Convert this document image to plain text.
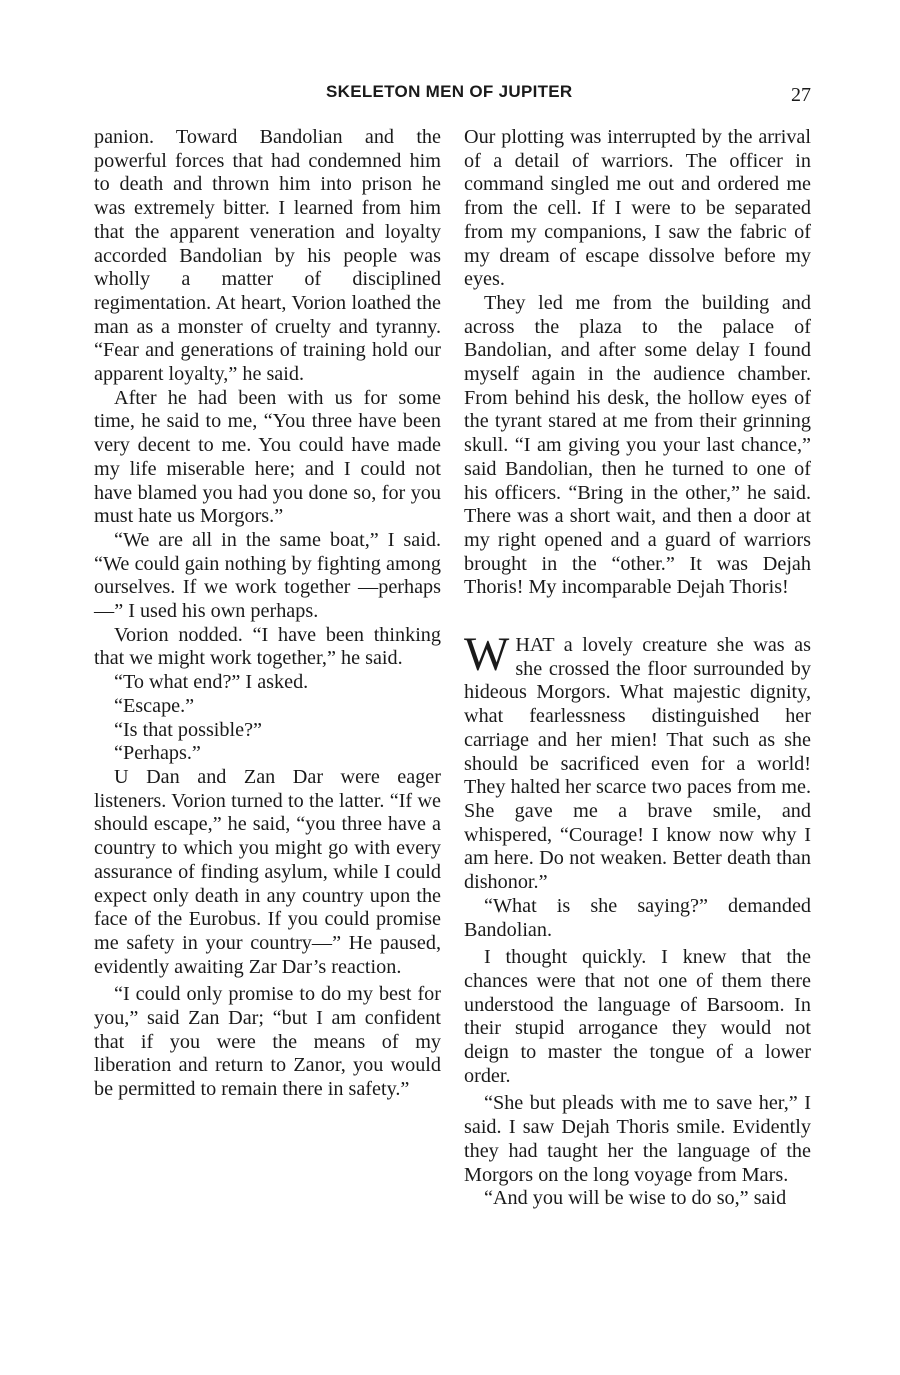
SKELETON MEN OF JUPITER	27

panion. Toward Bandolian and the powerful forces that had condemned him to death and thrown him into prison he was extremely bitter. I learned from him that the apparent veneration and loyalty accorded Bandolian by his people was wholly a matter of disciplined regimentation. At heart, Vorion loathed the man as a monster of cruelty and tyranny. “Fear and generations of training hold our apparent loyalty,” he said.

After he had been with us for some time, he said to me, “You three have been very decent to me. You could have made my life miserable here; and I could not have blamed you had you done so, for you must hate us Morgors.”

“We are all in the same boat,” I said. “We could gain nothing by fighting among ourselves. If we work together —perhaps—” I used his own perhaps.

Vorion nodded. “I have been thinking that we might work together,” he said.

“To what end?” I asked.

“Escape.”

“Is that possible?”

“Perhaps.”

U Dan and Zan Dar were eager listeners. Vorion turned to the latter. “If we should escape,” he said, “you three have a country to which you might go with every assurance of finding asylum, while I could expect only death in any country upon the face of the Eurobus. If you could promise me safety in your country—” He paused, evidently awaiting Zar Dar’s reaction.

“I could only promise to do my best for you,” said Zan Dar; “but I am confident that if you were the means of my liberation and return to Zanor, you would be permitted to remain there in safety.”

Our plotting was interrupted by the arrival of a detail of warriors. The officer in command singled me out and ordered me from the cell. If I were to be separated from my companions, I saw the fabric of my dream of escape dissolve before my eyes.

They led me from the building and across the plaza to the palace of Bandolian, and after some delay I found myself again in the audience chamber. From behind his desk, the hollow eyes of the tyrant stared at me from their grinning skull. “I am giving you your last chance,” said Bandolian, then he turned to one of his officers. “Bring in the other,” he said. There was a short wait, and then a door at my right opened and a guard of warriors brought in the “other.” It was Dejah Thoris! My incomparable Dejah Thoris!

WHAT a lovely creature she was as she crossed the floor surrounded by hideous Morgors. What majestic dignity, what fearlessness distinguished her carriage and her mien! That such as she should be sacrificed even for a world! They halted her scarce two paces from me. She gave me a brave smile, and whispered, “Courage! I know now why I am here. Do not weaken. Better death than dishonor.”

“What is she saying?” demanded Bandolian.

I thought quickly. I knew that the chances were that not one of them there understood the language of Barsoom. In their stupid arrogance they would not deign to master the tongue of a lower order.

“She but pleads with me to save her,” I said. I saw Dejah Thoris smile. Evidently they had taught her the language of the Morgors on the long voyage from Mars.

“And you will be wise to do so,” said
